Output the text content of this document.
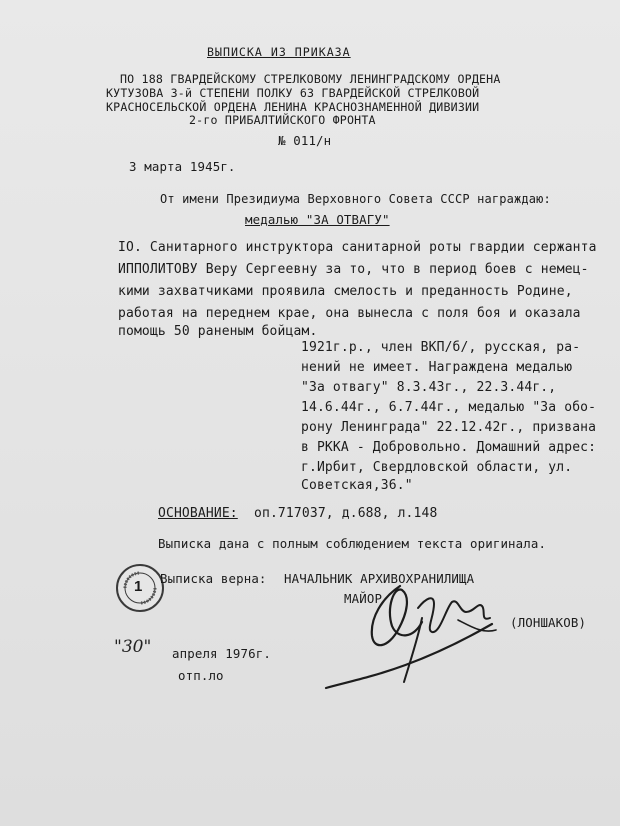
ВЫПИСКА ИЗ ПРИКАЗА
ПО 188 ГВАРДЕЙСКОМУ СТРЕЛКОВОМУ ЛЕНИНГРАДСКОМУ ОРДЕНА
КУТУЗОВА 3-й СТЕПЕНИ ПОЛКУ 63 ГВАРДЕЙСКОЙ СТРЕЛКОВОЙ
КРАСНОСЕЛЬСКОЙ ОРДЕНА ЛЕНИНА КРАСНОЗНАМЕННОЙ ДИВИЗИИ
2-го ПРИБАЛТИЙСКОГО ФРОНТА
№ 011/н
3 марта 1945г.
От имени Президиума Верховного Совета СССР награждаю:
медалью "ЗА ОТВАГУ"
IO. Санитарного инструктора санитарной роты гвардии сержанта
ИППОЛИТОВУ Веру Сергеевну за то, что в период боев с немец-
кими захватчиками проявила смелость и преданность Родине,
работая на переднем крае, она вынесла с поля боя и оказала
помощь 50 раненым бойцам.
1921г.р., член ВКП/б/, русская, ра-
нений не имеет. Награждена медалью
"За отвагу" 8.3.43г., 22.3.44г.,
14.6.44г., 6.7.44г., медалью "За обо-
рону Ленинграда" 22.12.42г., призвана
в РККА - Добровольно. Домашний адрес:
г.Ирбит, Свердловской области, ул.
Советская,36."
ОСНОВАНИЕ: оп.717037, д.688, л.148
Выписка дана с полным соблюдением текста оригинала.
1 Выписка верна: НАЧАЛЬНИК АРХИВОХРАНИЛИЩА
МАЙОР
(ЛОНШАКОВ)
"30" апреля 1976г.
отп.ло
